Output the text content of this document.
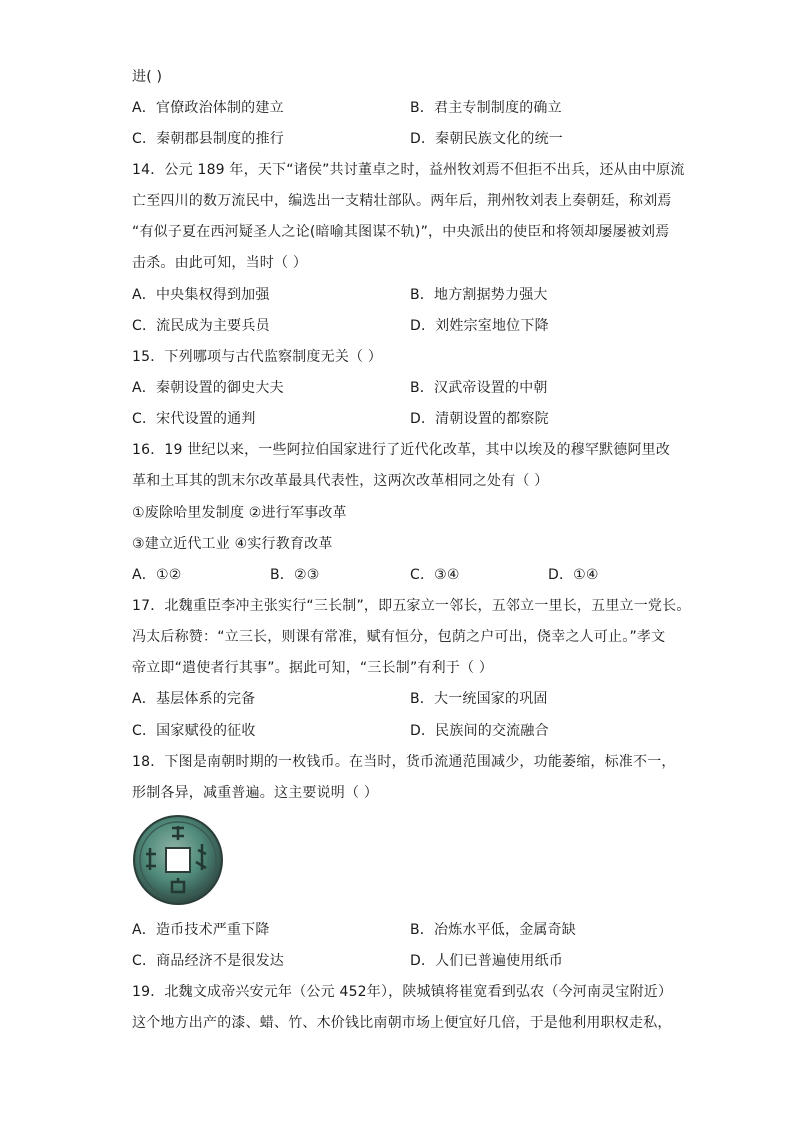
进( )
A．官僚政治体制的建立	B．君主专制制度的确立
C．秦朝郡县制度的推行	D．秦朝民族文化的统一
14．公元 189 年，天下“诸侯”共讨董卓之时，益州牧刘焉不但拒不出兵，还从由中原流
亡至四川的数万流民中，编选出一支精壮部队。两年后，荆州牧刘表上奏朝廷，称刘焉
“有似子夏在西河疑圣人之论(暗喻其图谋不轨)”，中央派出的使臣和将领却屡屡被刘焉
击杀。由此可知，当时（ ）
A．中央集权得到加强	B．地方割据势力强大
C．流民成为主要兵员	D．刘姓宗室地位下降
15．下列哪项与古代监察制度无关（ ）
A．秦朝设置的御史大夫	B．汉武帝设置的中朝
C．宋代设置的通判	D．清朝设置的都察院
16．19 世纪以来，一些阿拉伯国家进行了近代化改革，其中以埃及的穆罕默德阿里改
革和土耳其的凯末尔改革最具代表性，这两次改革相同之处有（ ）
①废除哈里发制度 ②进行军事改革
③建立近代工业 ④实行教育改革
A．①②	B．②③	C．③④	D．①④
17．北魏重臣李冲主张实行“三长制”，即五家立一邻长，五邻立一里长，五里立一党长。
冯太后称赞：“立三长，则课有常准，赋有恒分，包荫之户可出，侥幸之人可止。”孝文
帝立即“遣使者行其事”。据此可知，“三长制”有利于（ ）
A．基层体系的完备	B．大一统国家的巩固
C．国家赋役的征收	D．民族间的交流融合
18．下图是南朝时期的一枚钱币。在当时，货币流通范围减少，功能萎缩，标准不一，
形制各异，减重普遍。这主要说明（ ）
A．造币技术严重下降	B．冶炼水平低，金属奇缺
C．商品经济不是很发达	D．人们已普遍使用纸币
19．北魏文成帝兴安元年（公元 452年），陕城镇将崔宽看到弘农（今河南灵宝附近）
这个地方出产的漆、蜡、竹、木价钱比南朝市场上便宜好几倍，于是他利用职权走私，
